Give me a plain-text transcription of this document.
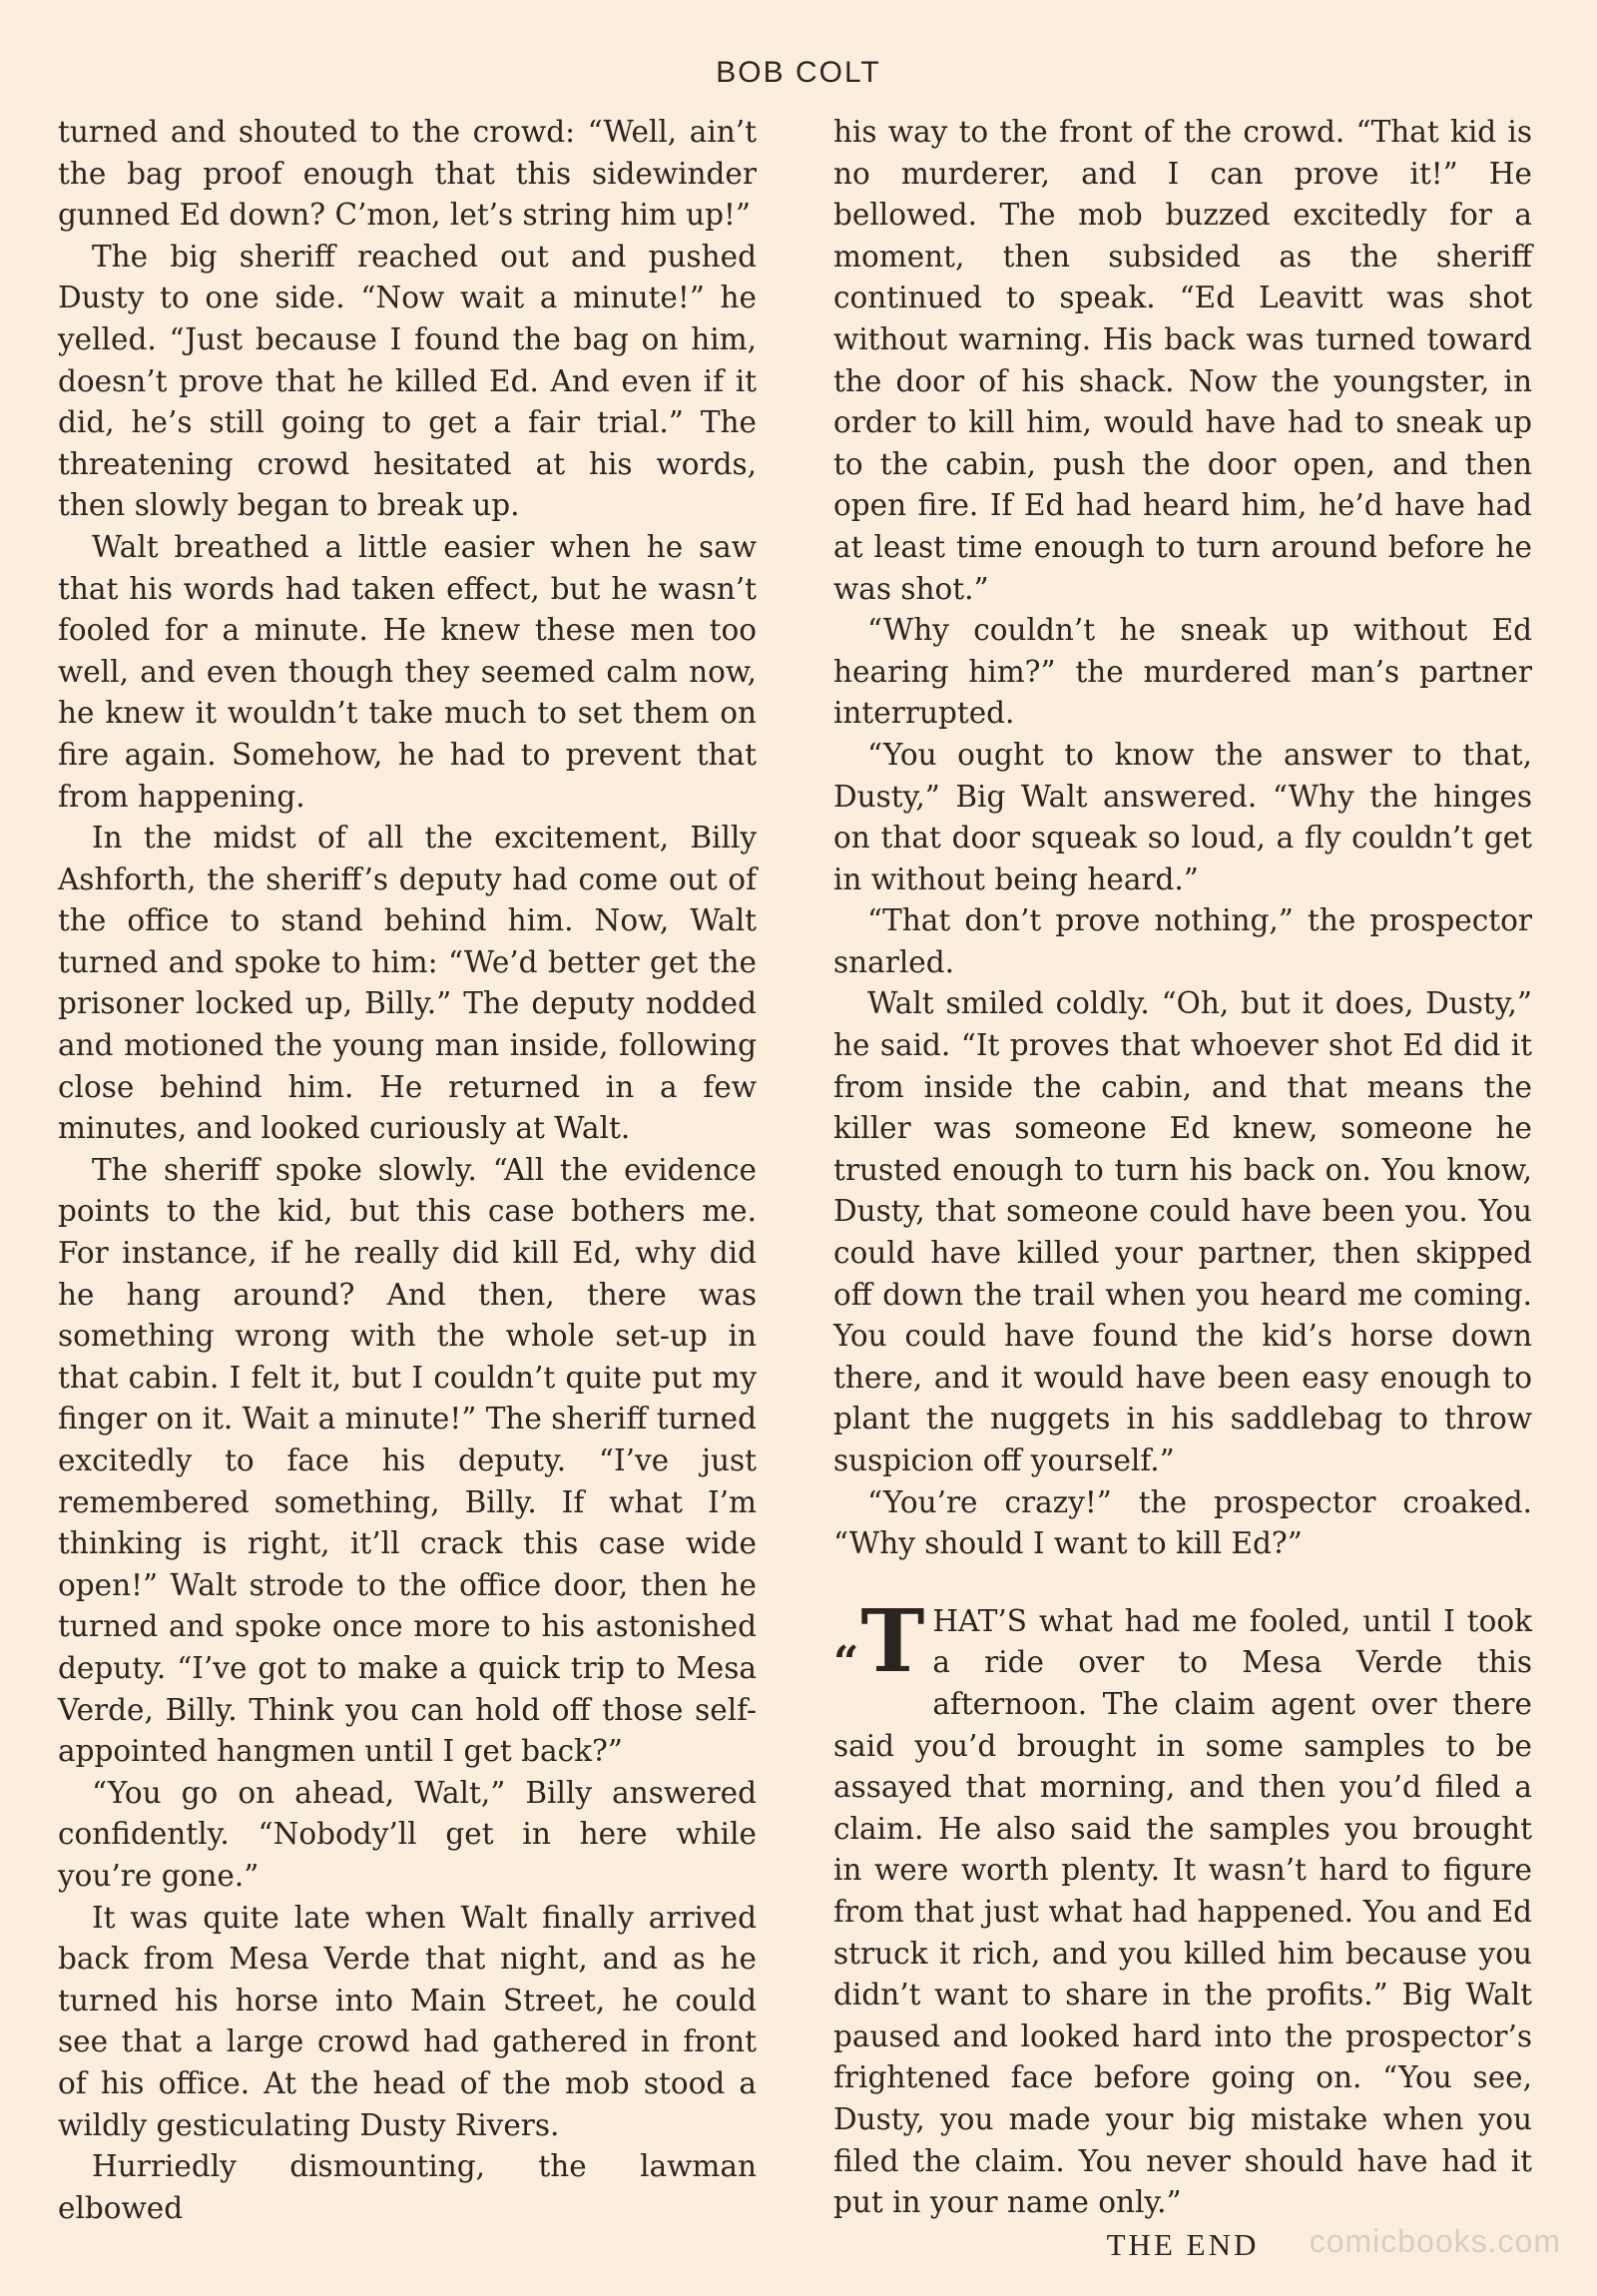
BOB COLT

turned and shouted to the crowd: “Well, ain’t the bag proof enough that this sidewinder gunned Ed down? C’mon, let’s string him up!”

The big sheriff reached out and pushed Dusty to one side. “Now wait a minute!” he yelled. “Just because I found the bag on him, doesn’t prove that he killed Ed. And even if it did, he’s still going to get a fair trial.” The threatening crowd hesitated at his words, then slowly began to break up.

Walt breathed a little easier when he saw that his words had taken effect, but he wasn’t fooled for a minute. He knew these men too well, and even though they seemed calm now, he knew it wouldn’t take much to set them on fire again. Somehow, he had to prevent that from happening.

In the midst of all the excitement, Billy Ashforth, the sheriff’s deputy had come out of the office to stand behind him. Now, Walt turned and spoke to him: “We’d better get the prisoner locked up, Billy.” The deputy nodded and motioned the young man inside, following close behind him. He returned in a few minutes, and looked curiously at Walt.

The sheriff spoke slowly. “All the evidence points to the kid, but this case bothers me. For instance, if he really did kill Ed, why did he hang around? And then, there was something wrong with the whole set-up in that cabin. I felt it, but I couldn’t quite put my finger on it. Wait a minute!” The sheriff turned excitedly to face his deputy. “I’ve just remembered something, Billy. If what I’m thinking is right, it’ll crack this case wide open!” Walt strode to the office door, then he turned and spoke once more to his astonished deputy. “I’ve got to make a quick trip to Mesa Verde, Billy. Think you can hold off those self-appointed hangmen until I get back?”

“You go on ahead, Walt,” Billy answered confidently. “Nobody’ll get in here while you’re gone.”

It was quite late when Walt finally arrived back from Mesa Verde that night, and as he turned his horse into Main Street, he could see that a large crowd had gathered in front of his office. At the head of the mob stood a wildly gesticulating Dusty Rivers.

Hurriedly dismounting, the lawman elbowed

his way to the front of the crowd. “That kid is no murderer, and I can prove it!” He bellowed. The mob buzzed excitedly for a moment, then subsided as the sheriff continued to speak. “Ed Leavitt was shot without warning. His back was turned toward the door of his shack. Now the youngster, in order to kill him, would have had to sneak up to the cabin, push the door open, and then open fire. If Ed had heard him, he’d have had at least time enough to turn around before he was shot.”

“Why couldn’t he sneak up without Ed hearing him?” the murdered man’s partner interrupted.

“You ought to know the answer to that, Dusty,” Big Walt answered. “Why the hinges on that door squeak so loud, a fly couldn’t get in without being heard.”

“That don’t prove nothing,” the prospector snarled.

Walt smiled coldly. “Oh, but it does, Dusty,” he said. “It proves that whoever shot Ed did it from inside the cabin, and that means the killer was someone Ed knew, someone he trusted enough to turn his back on. You know, Dusty, that someone could have been you. You could have killed your partner, then skipped off down the trail when you heard me coming. You could have found the kid’s horse down there, and it would have been easy enough to plant the nuggets in his saddlebag to throw suspicion off yourself.”

“You’re crazy!” the prospector croaked. “Why should I want to kill Ed?”

“T HAT’S what had me fooled, until I took a ride over to Mesa Verde this afternoon. The claim agent over there said you’d brought in some samples to be assayed that morning, and then you’d filed a claim. He also said the samples you brought in were worth plenty. It wasn’t hard to figure from that just what had happened. You and Ed struck it rich, and you killed him because you didn’t want to share in the profits.” Big Walt paused and looked hard into the prospector’s frightened face before going on. “You see, Dusty, you made your big mistake when you filed the claim. You never should have had it put in your name only.”

THE END	comicbooks.com
